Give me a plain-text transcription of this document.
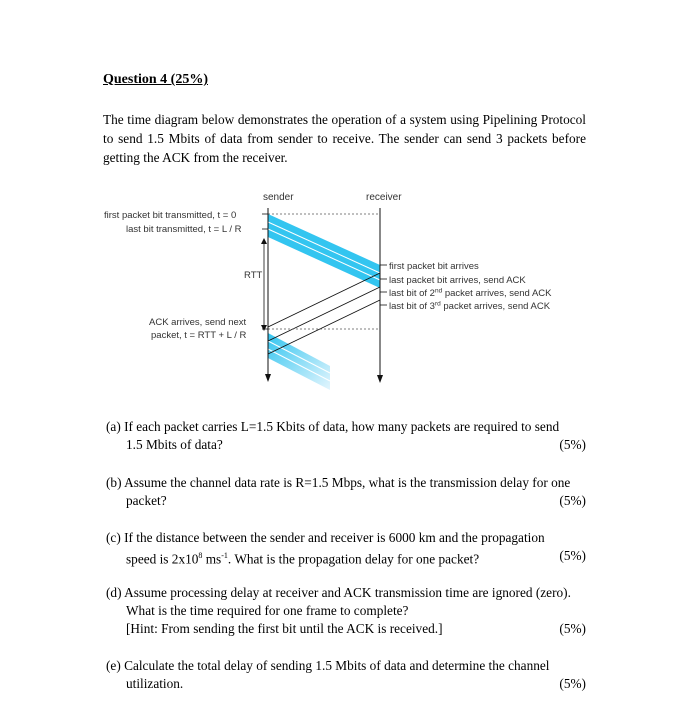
Question 4 (25%)

The time diagram below demonstrates the operation of a system using Pipelining Protocol to send 1.5 Mbits of data from sender to receive. The sender can send 3 packets before getting the ACK from the receiver.

sender	receiver
first packet bit transmitted, t = 0
last bit transmitted, t = L / R
RTT
ACK arrives, send next
packet, t = RTT + L / R
first packet bit arrives
last packet bit arrives, send ACK
last bit of 2nd packet arrives, send ACK
last bit of 3rd packet arrives, send ACK
(a) If each packet carries L=1.5 Kbits of data, how many packets are required to send
1.5 Mbits of data?	(5%)
(b) Assume the channel data rate is R=1.5 Mbps, what is the transmission delay for one
packet?	(5%)
(c) If the distance between the sender and receiver is 6000 km and the propagation
speed is $2x10^8$ $ms^{-1}$. What is the propagation delay for one packet?	(5%)
(d) Assume processing delay at receiver and ACK transmission time are ignored (zero).
What is the time required for one frame to complete?
[Hint: From sending the first bit until the ACK is received.]	(5%)
(e) Calculate the total delay of sending 1.5 Mbits of data and determine the channel
utilization.	(5%)
